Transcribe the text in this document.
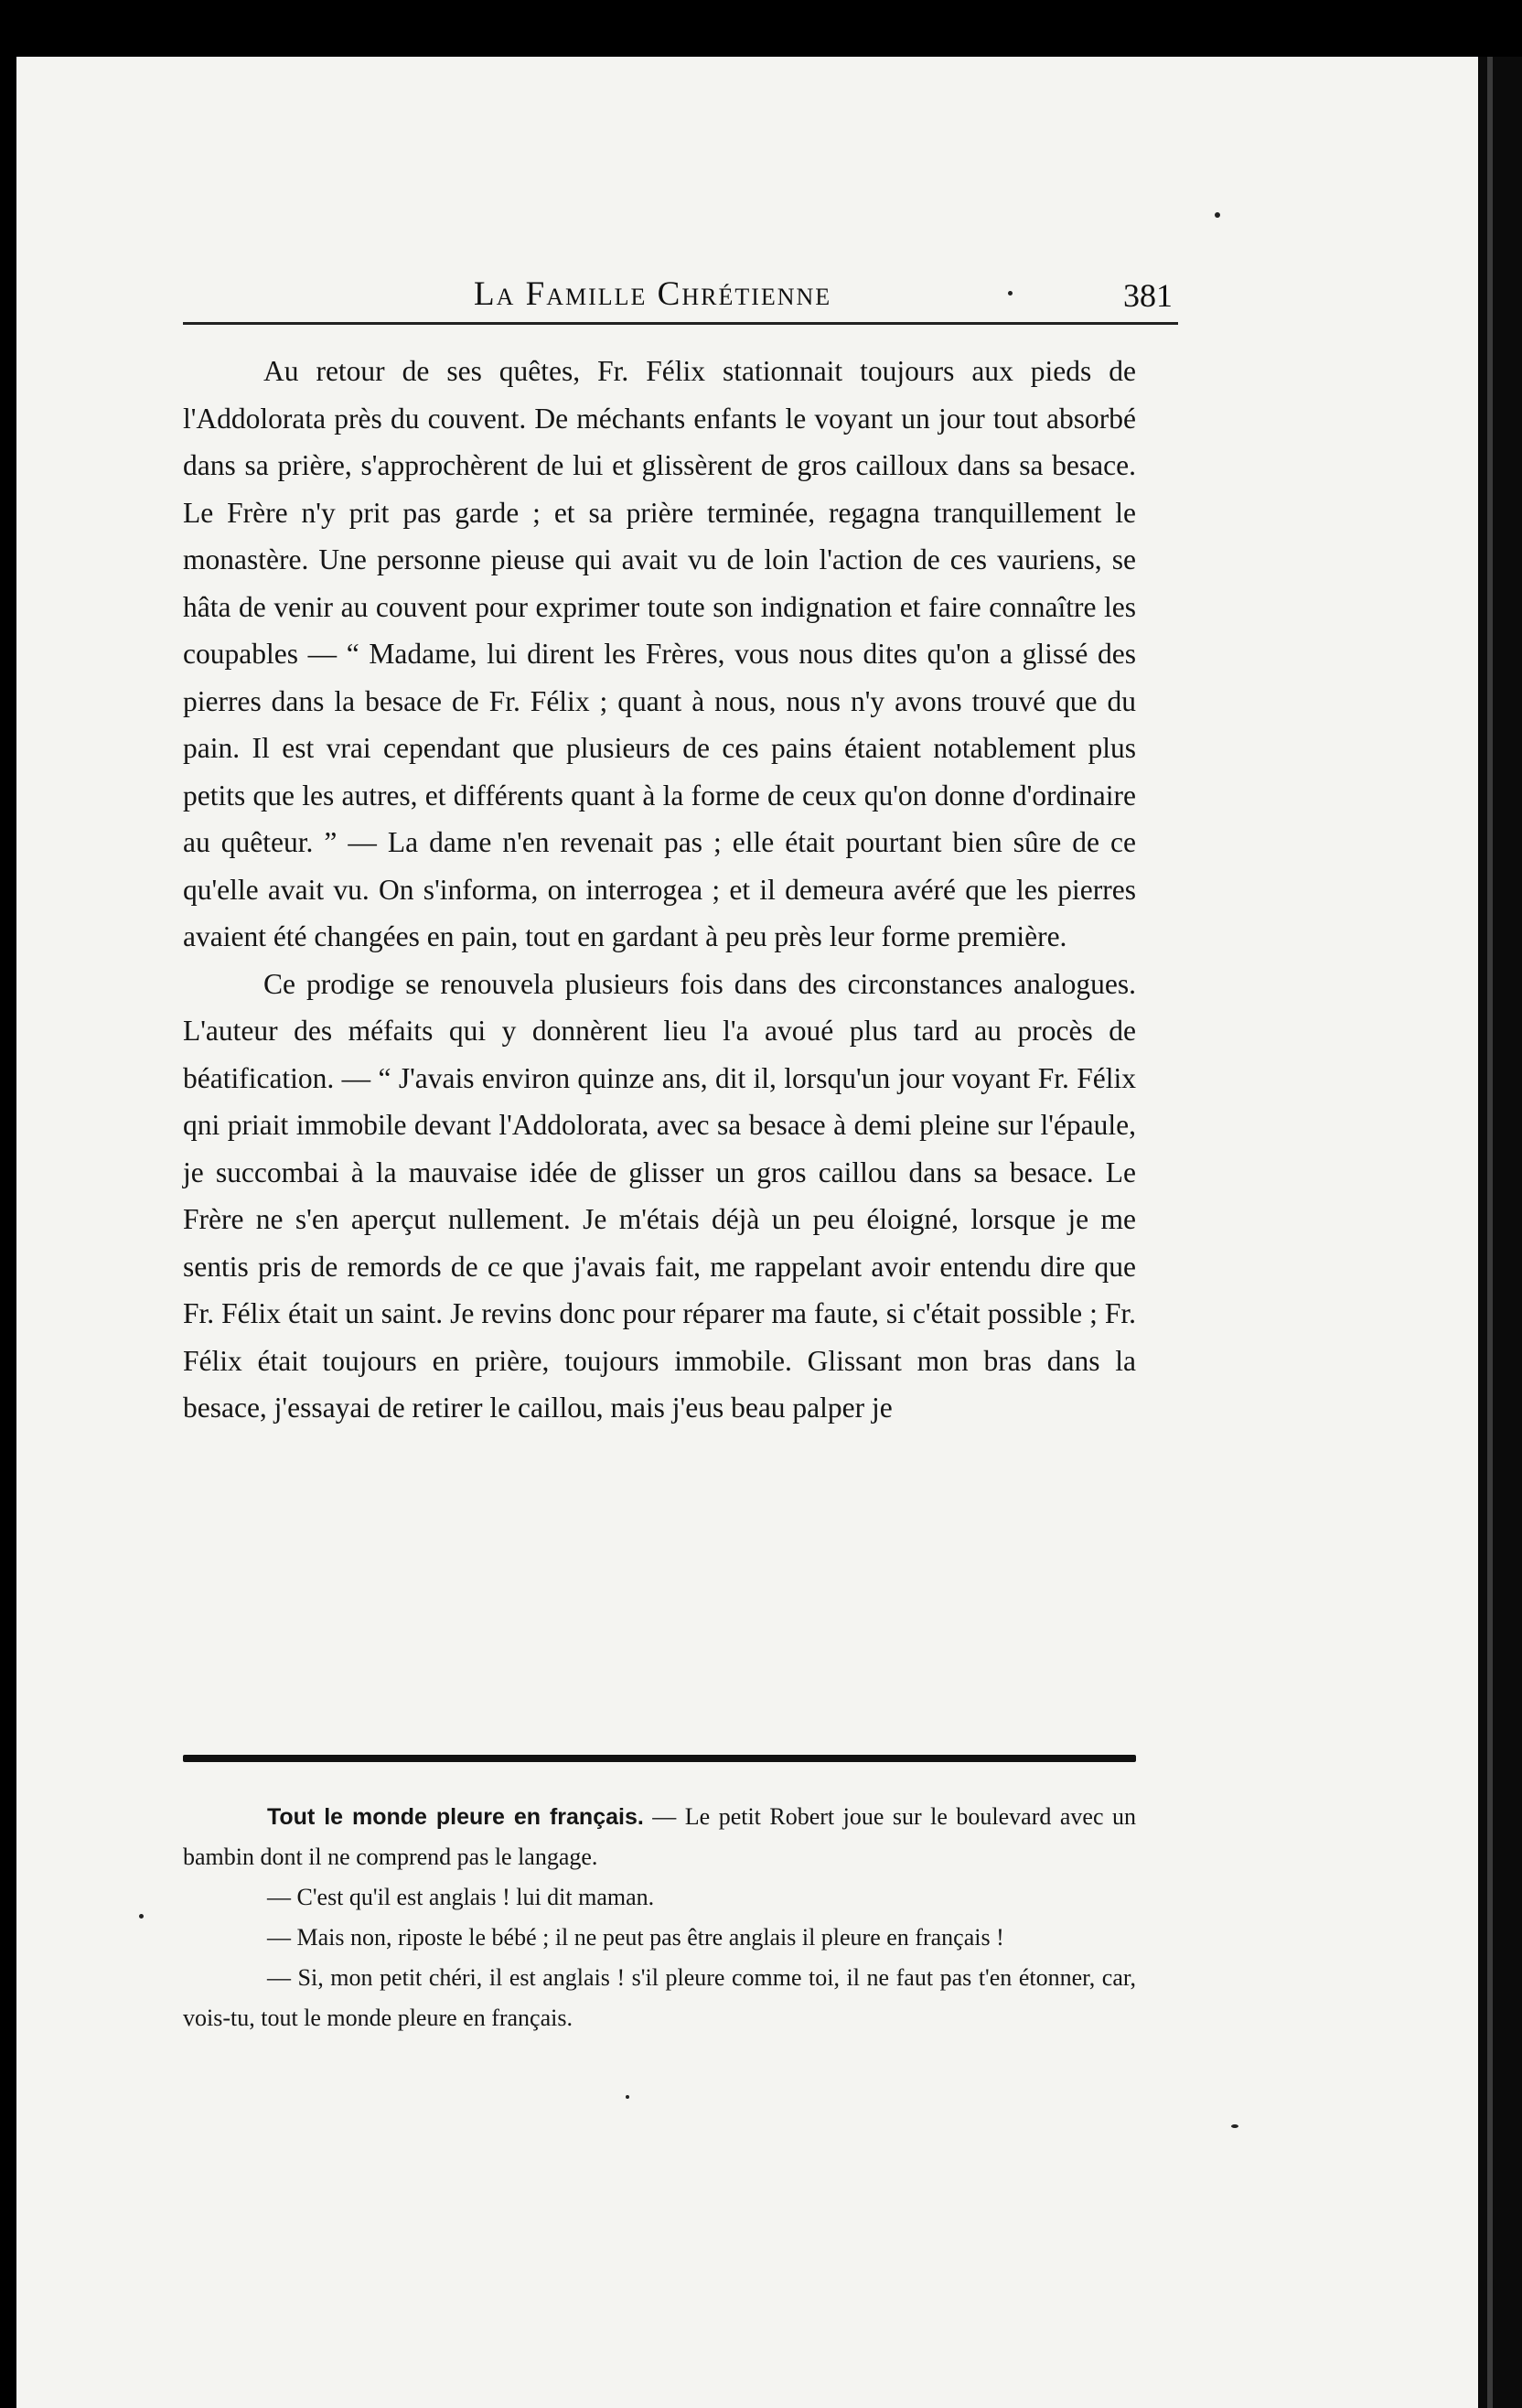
La Famille Chrétienne	381

Au retour de ses quêtes, Fr. Félix stationnait toujours aux pieds de l'Addolorata près du couvent. De méchants enfants le voyant un jour tout absorbé dans sa prière, s'approchèrent de lui et glissèrent de gros cailloux dans sa besace. Le Frère n'y prit pas garde ; et sa prière terminée, regagna tranquillement le monastère. Une personne pieuse qui avait vu de loin l'action de ces vauriens, se hâta de venir au couvent pour exprimer toute son indignation et faire connaître les coupables — “ Madame, lui dirent les Frères, vous nous dites qu'on a glissé des pierres dans la besace de Fr. Félix ; quant à nous, nous n'y avons trouvé que du pain. Il est vrai cependant que plusieurs de ces pains étaient notablement plus petits que les autres, et différents quant à la forme de ceux qu'on donne d'ordinaire au quêteur. ” — La dame n'en revenait pas ; elle était pourtant bien sûre de ce qu'elle avait vu. On s'informa, on interrogea ; et il demeura avéré que les pierres avaient été changées en pain, tout en gardant à peu près leur forme première.

Ce prodige se renouvela plusieurs fois dans des circonstances analogues. L'auteur des méfaits qui y donnèrent lieu l'a avoué plus tard au procès de béatification. — “ J'avais environ quinze ans, dit il, lorsqu'un jour voyant Fr. Félix qni priait immobile devant l'Addolorata, avec sa besace à demi pleine sur l'épaule, je succombai à la mauvaise idée de glisser un gros caillou dans sa besace. Le Frère ne s'en aperçut nullement. Je m'étais déjà un peu éloigné, lorsque je me sentis pris de remords de ce que j'avais fait, me rappelant avoir entendu dire que Fr. Félix était un saint. Je revins donc pour réparer ma faute, si c'était possible ; Fr. Félix était toujours en prière, toujours immobile. Glissant mon bras dans la besace, j'essayai de retirer le caillou, mais j'eus beau palper je

Tout le monde pleure en français. — Le petit Robert joue sur le boulevard avec un bambin dont il ne comprend pas le langage.

— C'est qu'il est anglais ! lui dit maman.

— Mais non, riposte le bébé ; il ne peut pas être anglais il pleure en français !

— Si, mon petit chéri, il est anglais ! s'il pleure comme toi, il ne faut pas t'en étonner, car, vois-tu, tout le monde pleure en français.
